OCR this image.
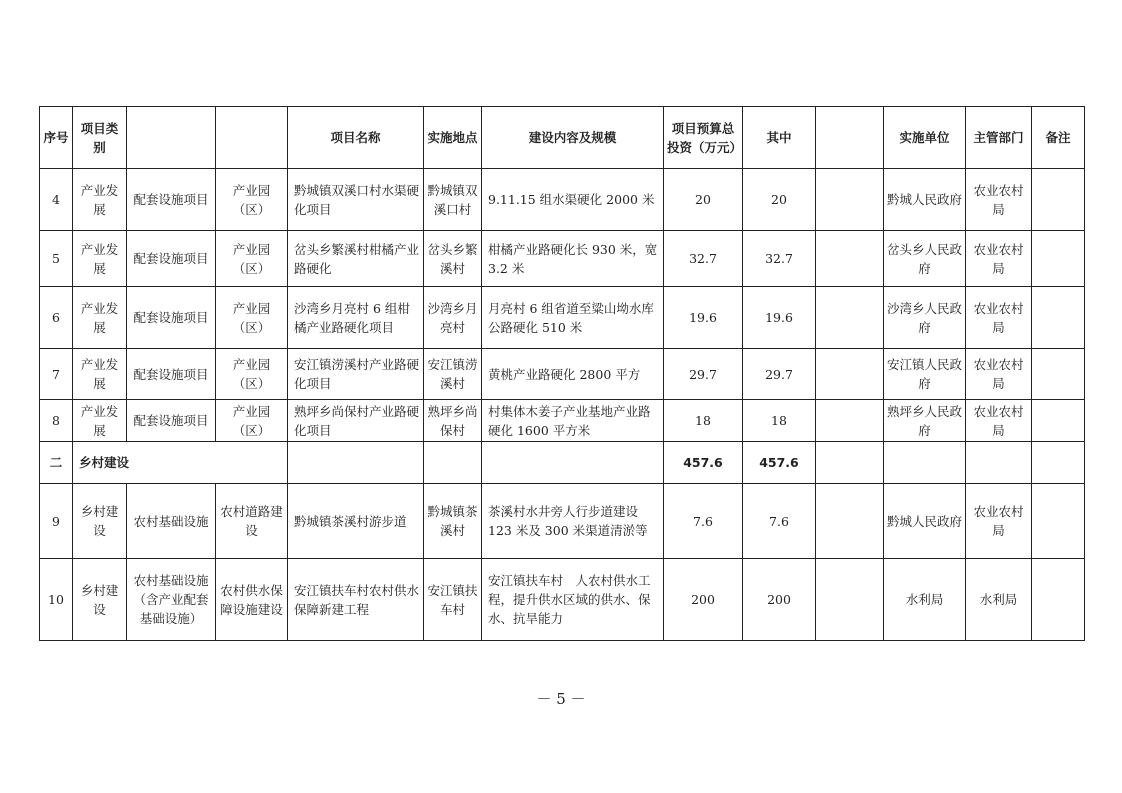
序号	项目类别			项目名称	实施地点	建设内容及规模	项目预算总投资（万元）	其中		实施单位	主管部门	备注
4	产业发展	配套设施项目	产业园（区）	黔城镇双溪口村水渠硬化项目	黔城镇双溪口村	9.11.15 组水渠硬化 2000 米	20	20		黔城人民政府	农业农村局	
5	产业发展	配套设施项目	产业园（区）	岔头乡繁溪村柑橘产业路硬化	岔头乡繁溪村	柑橘产业路硬化长 930 米，宽 3.2 米	32.7	32.7		岔头乡人民政府	农业农村局	
6	产业发展	配套设施项目	产业园（区）	沙湾乡月亮村 6 组柑橘产业路硬化项目	沙湾乡月亮村	月亮村 6 组省道至粱山坳水库公路硬化 510 米	19.6	19.6		沙湾乡人民政府	农业农村局	
7	产业发展	配套设施项目	产业园（区）	安江镇涝溪村产业路硬化项目	安江镇涝溪村	黄桃产业路硬化 2800 平方	29.7	29.7		安江镇人民政府	农业农村局	
8	产业发展	配套设施项目	产业园（区）	熟坪乡尚保村产业路硬化项目	熟坪乡尚保村	村集体木姜子产业基地产业路硬化 1600 平方米	18	18		熟坪乡人民政府	农业农村局	
二	乡村建设						457.6	457.6				
9	乡村建设	农村基础设施	农村道路建设	黔城镇茶溪村游步道	黔城镇茶溪村	茶溪村水井旁人行步道建设 123 米及 300 米渠道清淤等	7.6	7.6		黔城人民政府	农业农村局	
10	乡村建设	农村基础设施（含产业配套基础设施）	农村供水保障设施建设	安江镇扶车村农村供水保障新建工程	安江镇扶车村	安江镇扶车村　人农村供水工程，提升供水区域的供水、保水、抗旱能力	200	200		水利局	水利局	
－ 5 －
